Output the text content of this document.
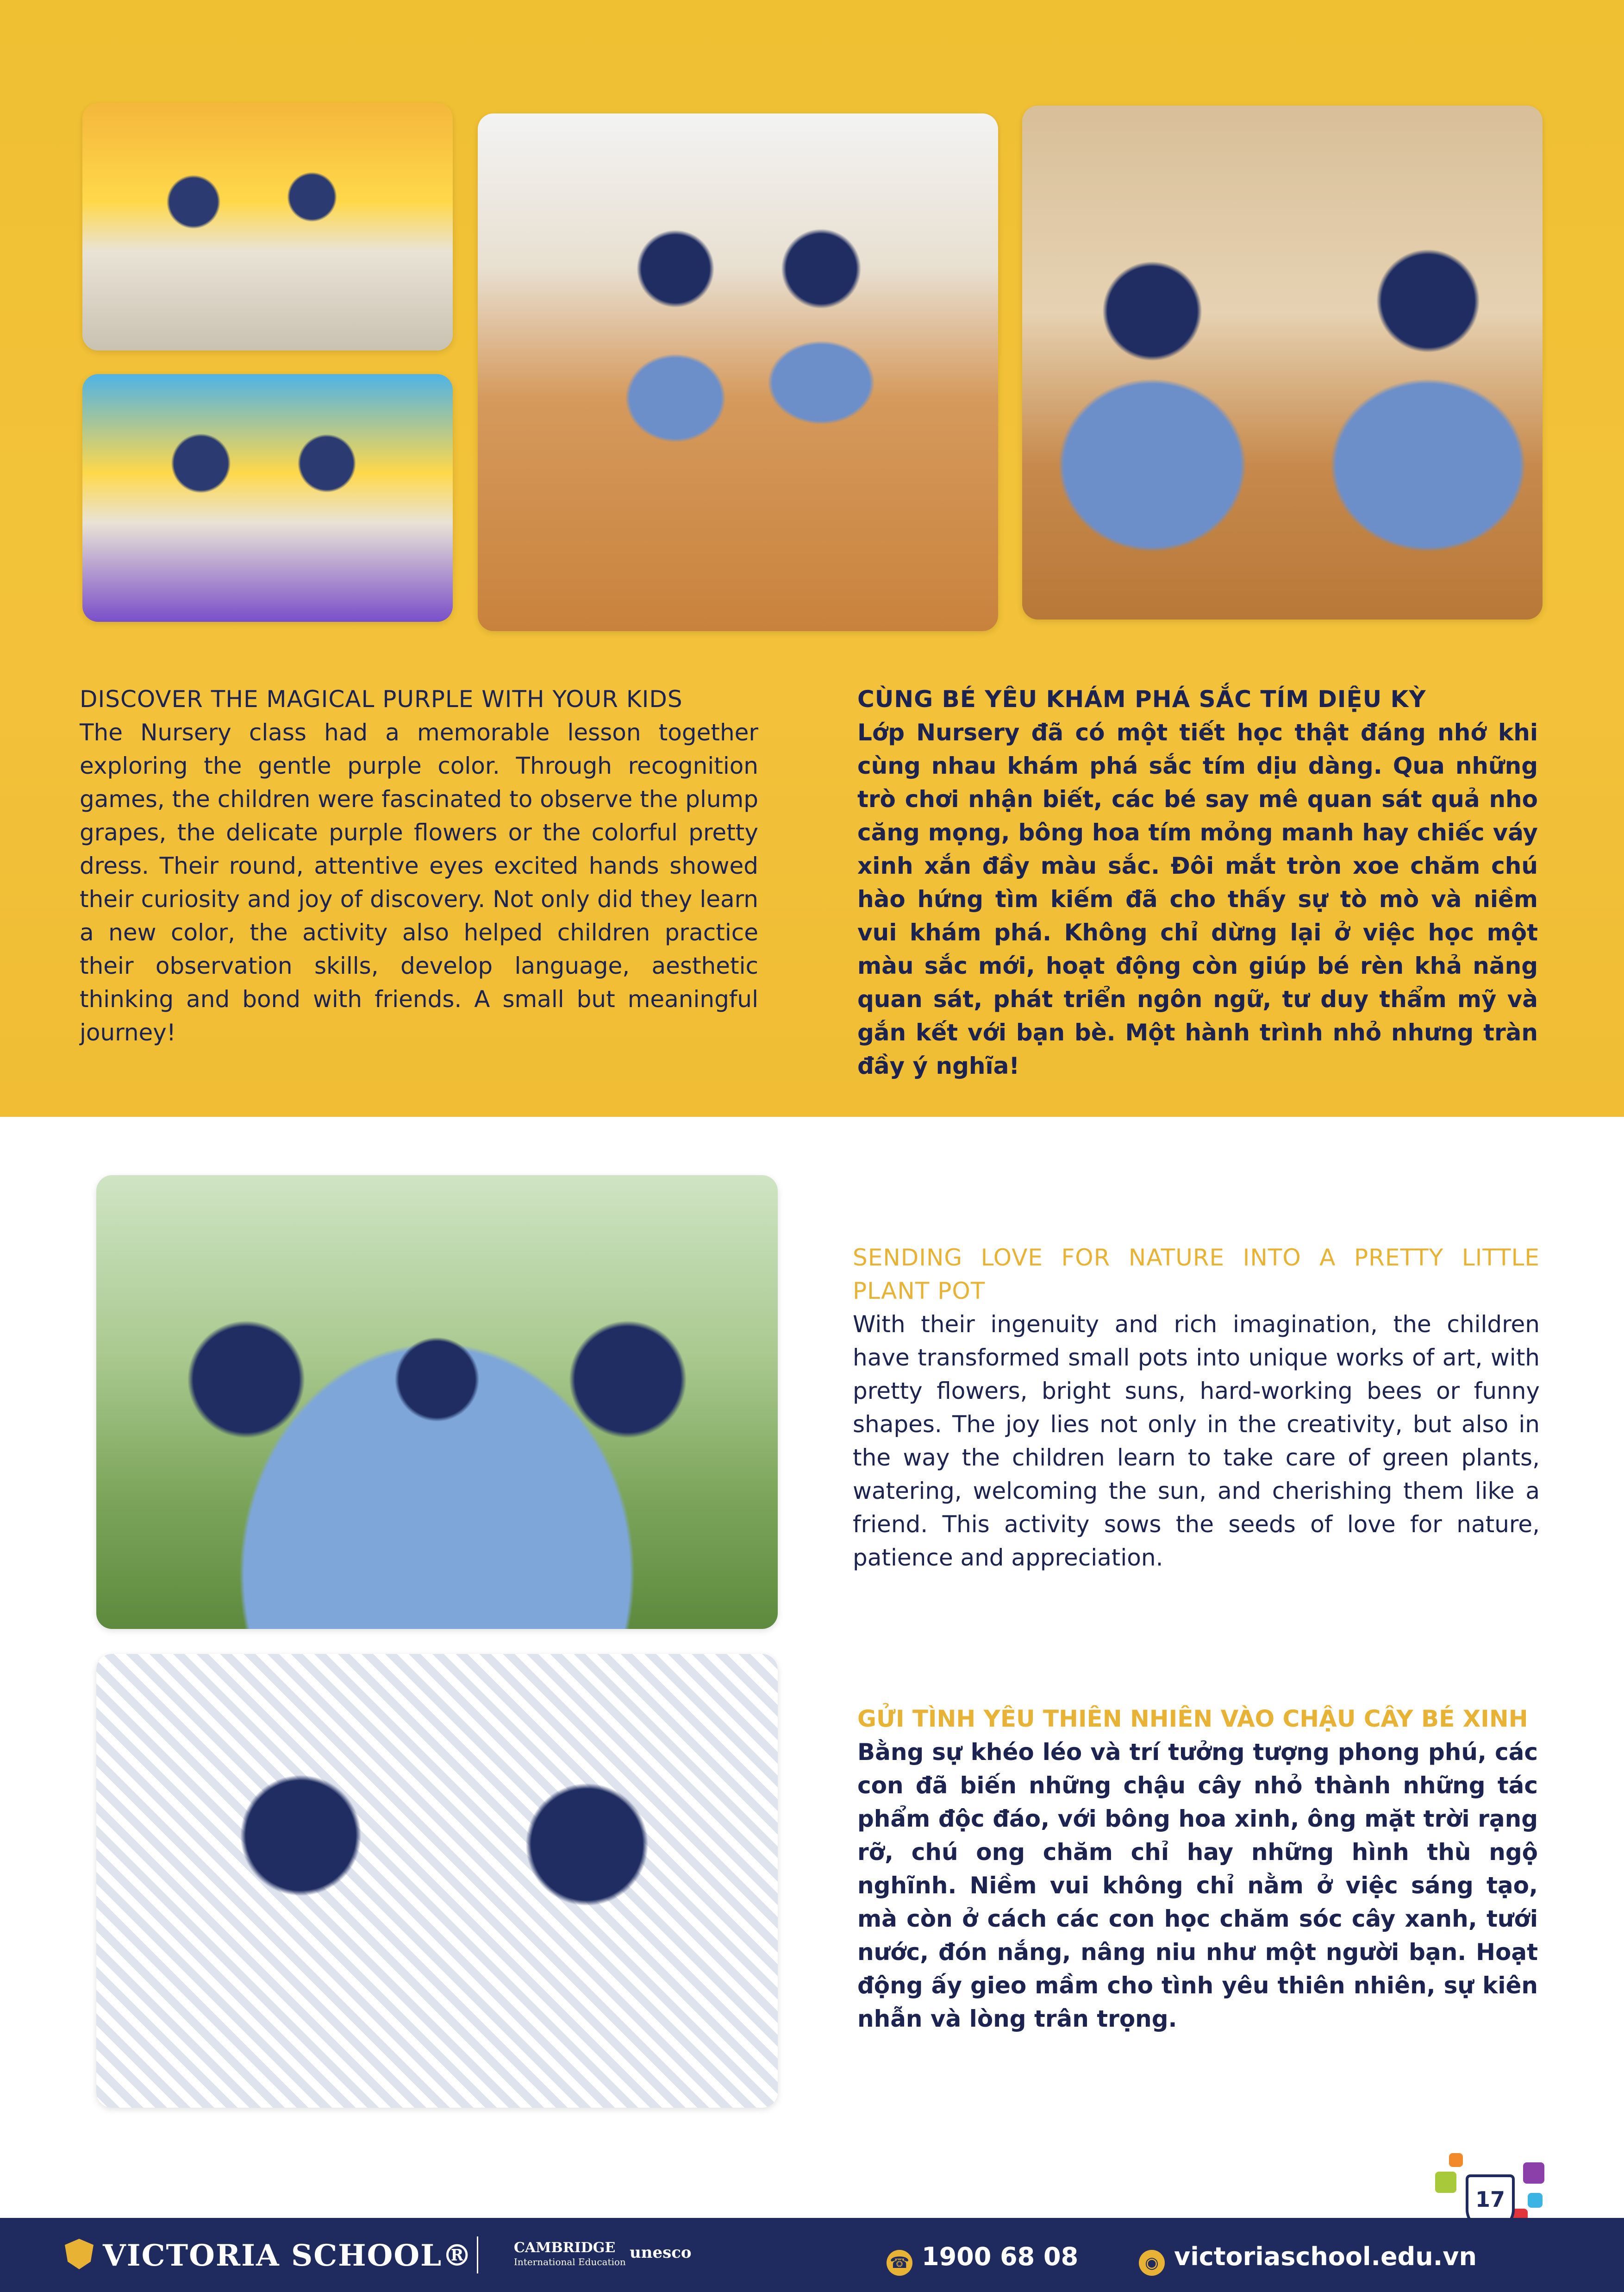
DISCOVER THE MAGICAL PURPLE WITH YOUR KIDS
The Nursery class had a memorable lesson together exploring the gentle purple color. Through recognition games, the children were fascinated to observe the plump grapes, the delicate purple flowers or the colorful pretty dress. Their round, attentive eyes excited hands showed their curiosity and joy of discovery. Not only did they learn a new color, the activity also helped children practice their observation skills, develop language, aesthetic thinking and bond with friends. A small but meaningful journey!
CÙNG BÉ YÊU KHÁM PHÁ SẮC TÍM DIỆU KỲ
Lớp Nursery đã có một tiết học thật đáng nhớ khi cùng nhau khám phá sắc tím dịu dàng. Qua những trò chơi nhận biết, các bé say mê quan sát quả nho căng mọng, bông hoa tím mỏng manh hay chiếc váy xinh xắn đầy màu sắc. Đôi mắt tròn xoe chăm chú hào hứng tìm kiếm đã cho thấy sự tò mò và niềm vui khám phá. Không chỉ dừng lại ở việc học một màu sắc mới, hoạt động còn giúp bé rèn khả năng quan sát, phát triển ngôn ngữ, tư duy thẩm mỹ và gắn kết với bạn bè. Một hành trình nhỏ nhưng tràn đầy ý nghĩa!
SENDING LOVE FOR NATURE INTO A PRETTY LITTLE PLANT POT
With their ingenuity and rich imagination, the children have transformed small pots into unique works of art, with pretty flowers, bright suns, hard-working bees or funny shapes. The joy lies not only in the creativity, but also in the way the children learn to take care of green plants, watering, welcoming the sun, and cherishing them like a friend. This activity sows the seeds of love for nature, patience and appreciation.
GỬI TÌNH YÊU THIÊN NHIÊN VÀO CHẬU CÂY BÉ XINH
Bằng sự khéo léo và trí tưởng tượng phong phú, các con đã biến những chậu cây nhỏ thành những tác phẩm độc đáo, với bông hoa xinh, ông mặt trời rạng rỡ, chú ong chăm chỉ hay những hình thù ngộ nghĩnh. Niềm vui không chỉ nằm ở việc sáng tạo, mà còn ở cách các con học chăm sóc cây xanh, tưới nước, đón nắng, nâng niu như một người bạn. Hoạt động ấy gieo mầm cho tình yêu thiên nhiên, sự kiên nhẫn và lòng trân trọng.
17
VICTORIA SCHOOL®	CAMBRIDGE
International Education unesco
☎ 1900 68 08	◉ victoriaschool.edu.vn
